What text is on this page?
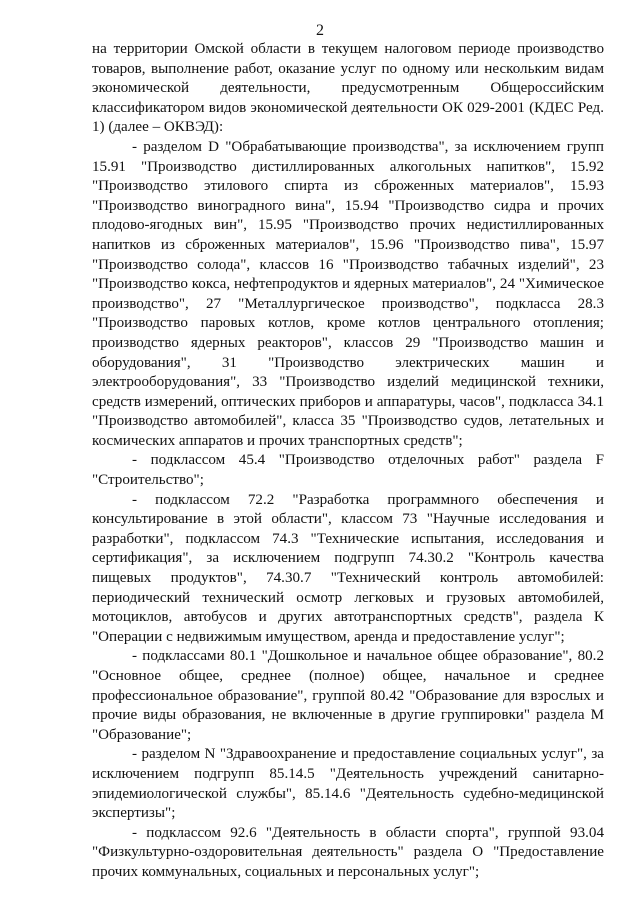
2

на территории Омской области в текущем налоговом периоде производство товаров, выполнение работ, оказание услуг по одному или нескольким видам экономической деятельности, предусмотренным Общероссийским классификатором видов экономической деятельности ОК 029-2001 (КДЕС Ред. 1) (далее – ОКВЭД):

- разделом D "Обрабатывающие производства", за исключением групп 15.91 "Производство дистиллированных алкогольных напитков", 15.92 "Производство этилового спирта из сброженных материалов", 15.93 "Производство виноградного вина", 15.94 "Производство сидра и прочих плодово-ягодных вин", 15.95 "Производство прочих недистиллированных напитков из сброженных материалов", 15.96 "Производство пива", 15.97 "Производство солода", классов 16 "Производство табачных изделий", 23 "Производство кокса, нефтепродуктов и ядерных материалов", 24 "Химическое производство", 27 "Металлургическое производство", подкласса 28.3 "Производство паровых котлов, кроме котлов центрального отопления; производство ядерных реакторов", классов 29 "Производство машин и оборудования", 31 "Производство электрических машин и электрооборудования", 33 "Производство изделий медицинской техники, средств измерений, оптических приборов и аппаратуры, часов", подкласса 34.1 "Производство автомобилей", класса 35 "Производство судов, летательных и космических аппаратов и прочих транспортных средств";

- подклассом 45.4 "Производство отделочных работ" раздела F "Строительство";

- подклассом 72.2 "Разработка программного обеспечения и консультирование в этой области", классом 73 "Научные исследования и разработки", подклассом 74.3 "Технические испытания, исследования и сертификация", за исключением подгрупп 74.30.2 "Контроль качества пищевых продуктов", 74.30.7 "Технический контроль автомобилей: периодический технический осмотр легковых и грузовых автомобилей, мотоциклов, автобусов и других автотранспортных средств", раздела К "Операции с недвижимым имуществом, аренда и предоставление услуг";

- подклассами 80.1 "Дошкольное и начальное общее образование", 80.2 "Основное общее, среднее (полное) общее, начальное и среднее профессиональное образование", группой 80.42 "Образование для взрослых и прочие виды образования, не включенные в другие группировки" раздела М "Образование";

- разделом N "Здравоохранение и предоставление социальных услуг", за исключением подгрупп 85.14.5 "Деятельность учреждений санитарно-эпидемиологической службы", 85.14.6 "Деятельность судебно-медицинской экспертизы";

- подклассом 92.6 "Деятельность в области спорта", группой 93.04 "Физкультурно-оздоровительная деятельность" раздела О "Предоставление прочих коммунальных, социальных и персональных услуг";
